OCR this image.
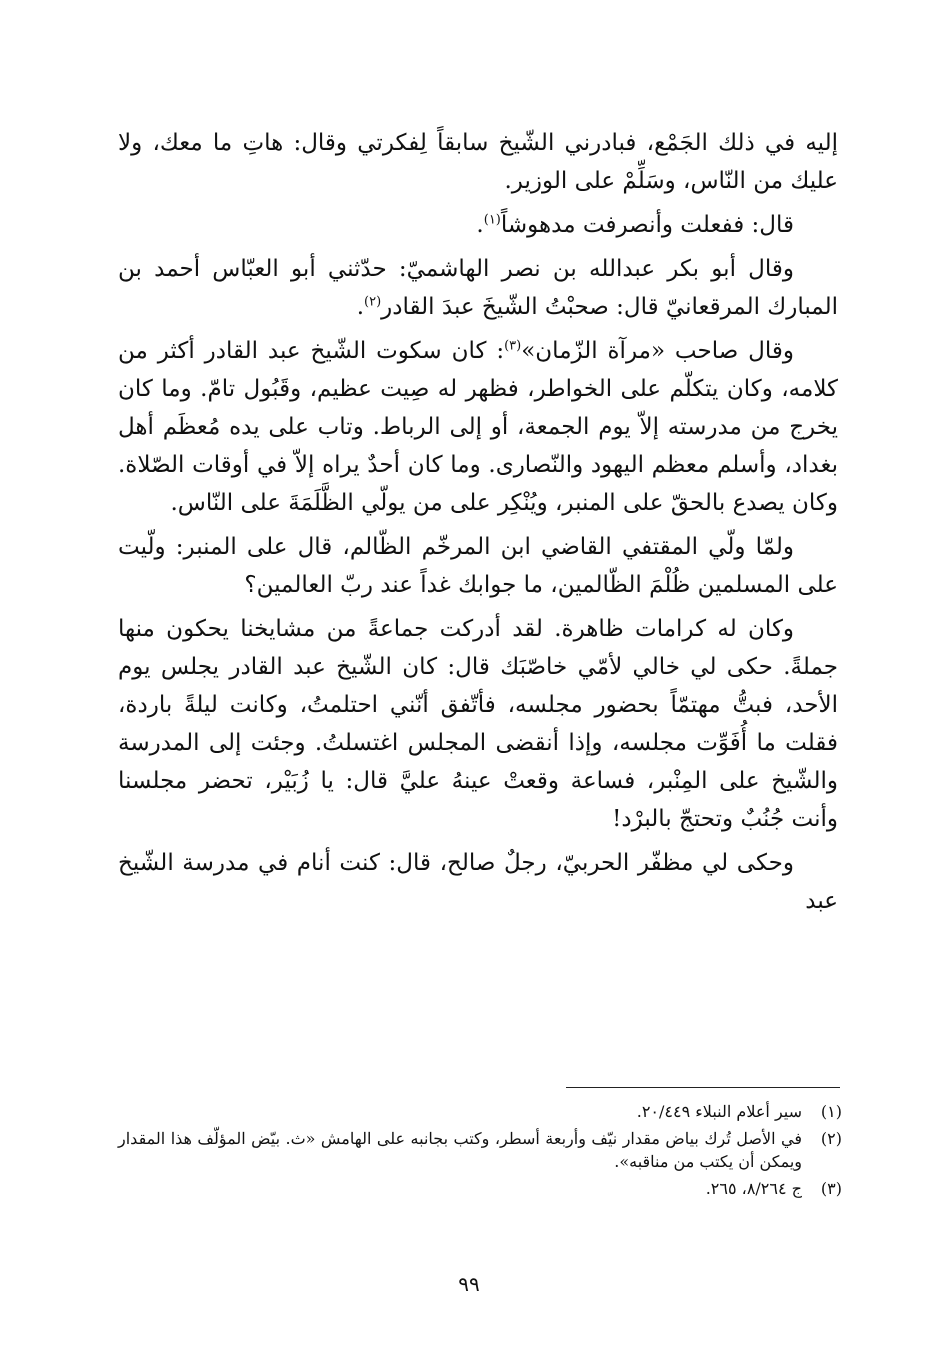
إليه في ذلك الجَمْع، فبادرني الشّيخ سابقاً لِفكرتي وقال: هاتِ ما معك، ولا عليك من النّاس، وسَلِّمْ على الوزير.

قال: ففعلت وأنصرفت مدهوشاً$^{(١)}$.

وقال أبو بكر عبدالله بن نصر الهاشميّ: حدّثني أبو العبّاس أحمد بن المبارك المرقعانيّ قال: صحبْتُ الشّيخَ عبدَ القادر$^{(٢)}$.

وقال صاحب «مرآة الزّمان»$^{(٣)}$: كان سكوت الشّيخ عبد القادر أكثر من كلامه، وكان يتكلّم على الخواطر، فظهر له صِيت عظيم، وقَبُول تامّ. وما كان يخرج من مدرسته إلاّ يوم الجمعة، أو إلى الرباط. وتاب على يده مُعظَم أهل بغداد، وأسلم معظم اليهود والنّصارى. وما كان أحدٌ يراه إلاّ في أوقات الصّلاة. وكان يصدع بالحقّ على المنبر، ويُنْكِر على من يولّي الظَّلَمَةَ على النّاس.

ولمّا ولّي المقتفي القاضي ابن المرخّم الظّالم، قال على المنبر: ولّيت على المسلمين ظُلْمَ الظّالمين، ما جوابك غداً عند ربّ العالمين؟

وكان له كرامات ظاهرة. لقد أدركت جماعةً من مشايخنا يحكون منها جملةً. حكى لي خالي لأمّي خاصّبَك قال: كان الشّيخ عبد القادر يجلس يوم الأحد، فبتُّ مهتمّاً بحضور مجلسه، فأتّفق أنّني احتلمتُ، وكانت ليلةً باردة، فقلت ما أُفَوِّت مجلسه، وإذا أنقضى المجلس اغتسلتُ. وجئت إلى المدرسة والشّيخ على المِنْبر، فساعة وقعتْ عينهُ عليَّ قال: يا زُبَيْر، تحضر مجلسنا وأنت جُنُبٌ وتحتجّ بالبرْد!

وحكى لي مظفّر الحربيّ، رجلٌ صالح، قال: كنت أنام في مدرسة الشّيخ عبد

(١)
سير أعلام النبلاء ٢٠/٤٤٩.
(٢)
في الأصل تُرك بياض مقدار نيّف وأربعة أسطر، وكتب بجانبه على الهامش «ث. بيّض المؤلّف هذا المقدار ويمكن أن يكتب من مناقبه».
(٣)
ج ٨/٢٦٤، ٢٦٥.
٩٩
